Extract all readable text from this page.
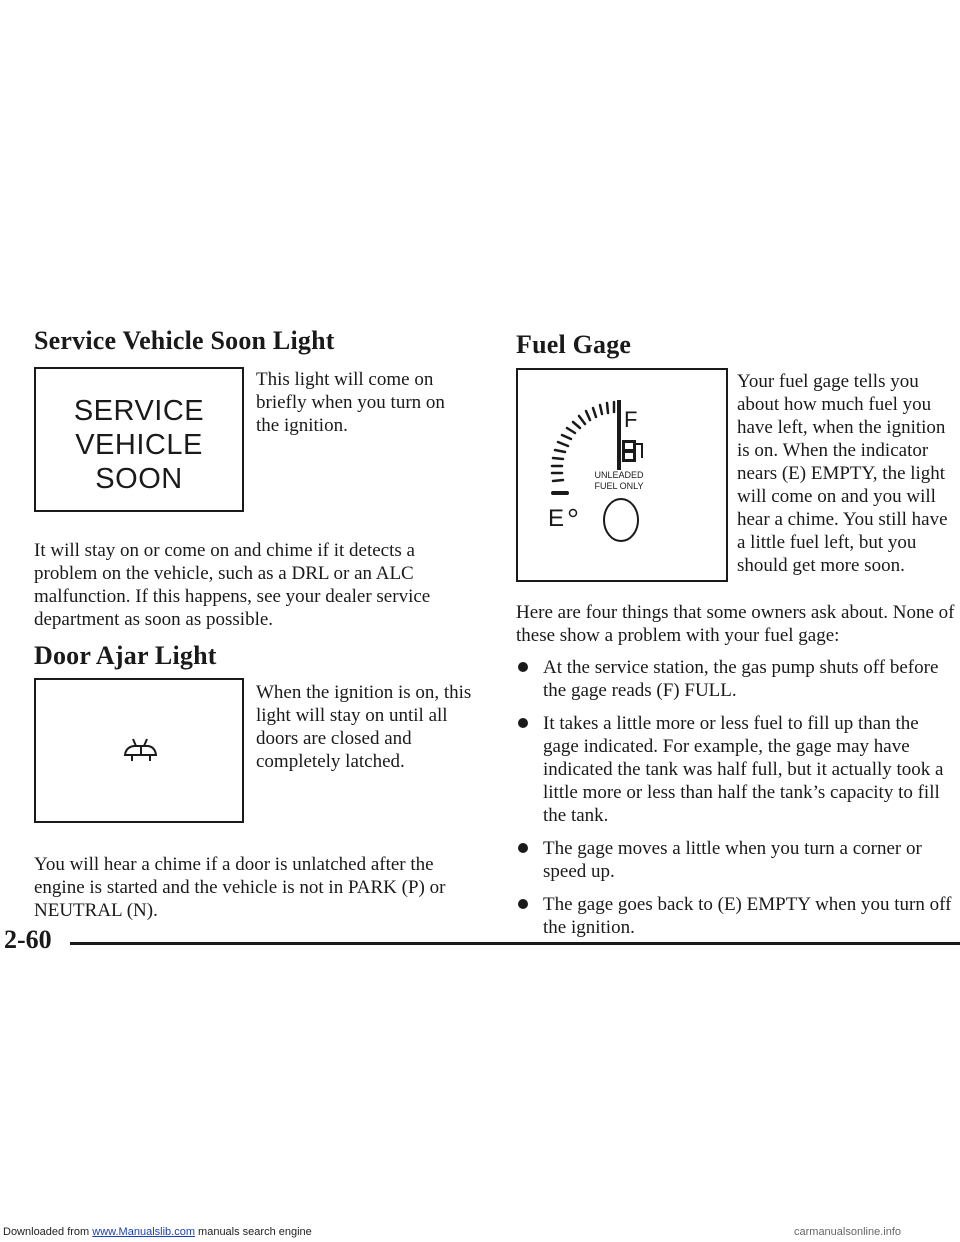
Downloaded from www.Manualslib.com manuals search engine
Service Vehicle Soon Light
SERVICE
VEHICLE
SOON

This light will come on briefly when you turn on the ignition.

It will stay on or come on and chime if it detects a problem on the vehicle, such as a DRL or an ALC malfunction. If this happens, see your dealer service department as soon as possible.

Door Ajar Light

When the ignition is on, this light will stay on until all doors are closed and completely latched.

You will hear a chime if a door is unlatched after the engine is started and the vehicle is not in PARK (P) or NEUTRAL (N).

Fuel Gage
F
UNLEADED
FUEL ONLY
E

Your fuel gage tells you about how much fuel you have left, when the ignition is on. When the indicator nears (E) EMPTY, the light will come on and you will hear a chime. You still have a little fuel left, but you should get more soon.

Here are four things that some owners ask about. None of these show a problem with your fuel gage:

At the service station, the gas pump shuts off before the gage reads (F) FULL.
It takes a little more or less fuel to fill up than the gage indicated. For example, the gage may have indicated the tank was half full, but it actually took a little more or less than half the tank’s capacity to fill the tank.
The gage moves a little when you turn a corner or speed up.
The gage goes back to (E) EMPTY when you turn off the ignition.
2-60
carmanualsonline.info
